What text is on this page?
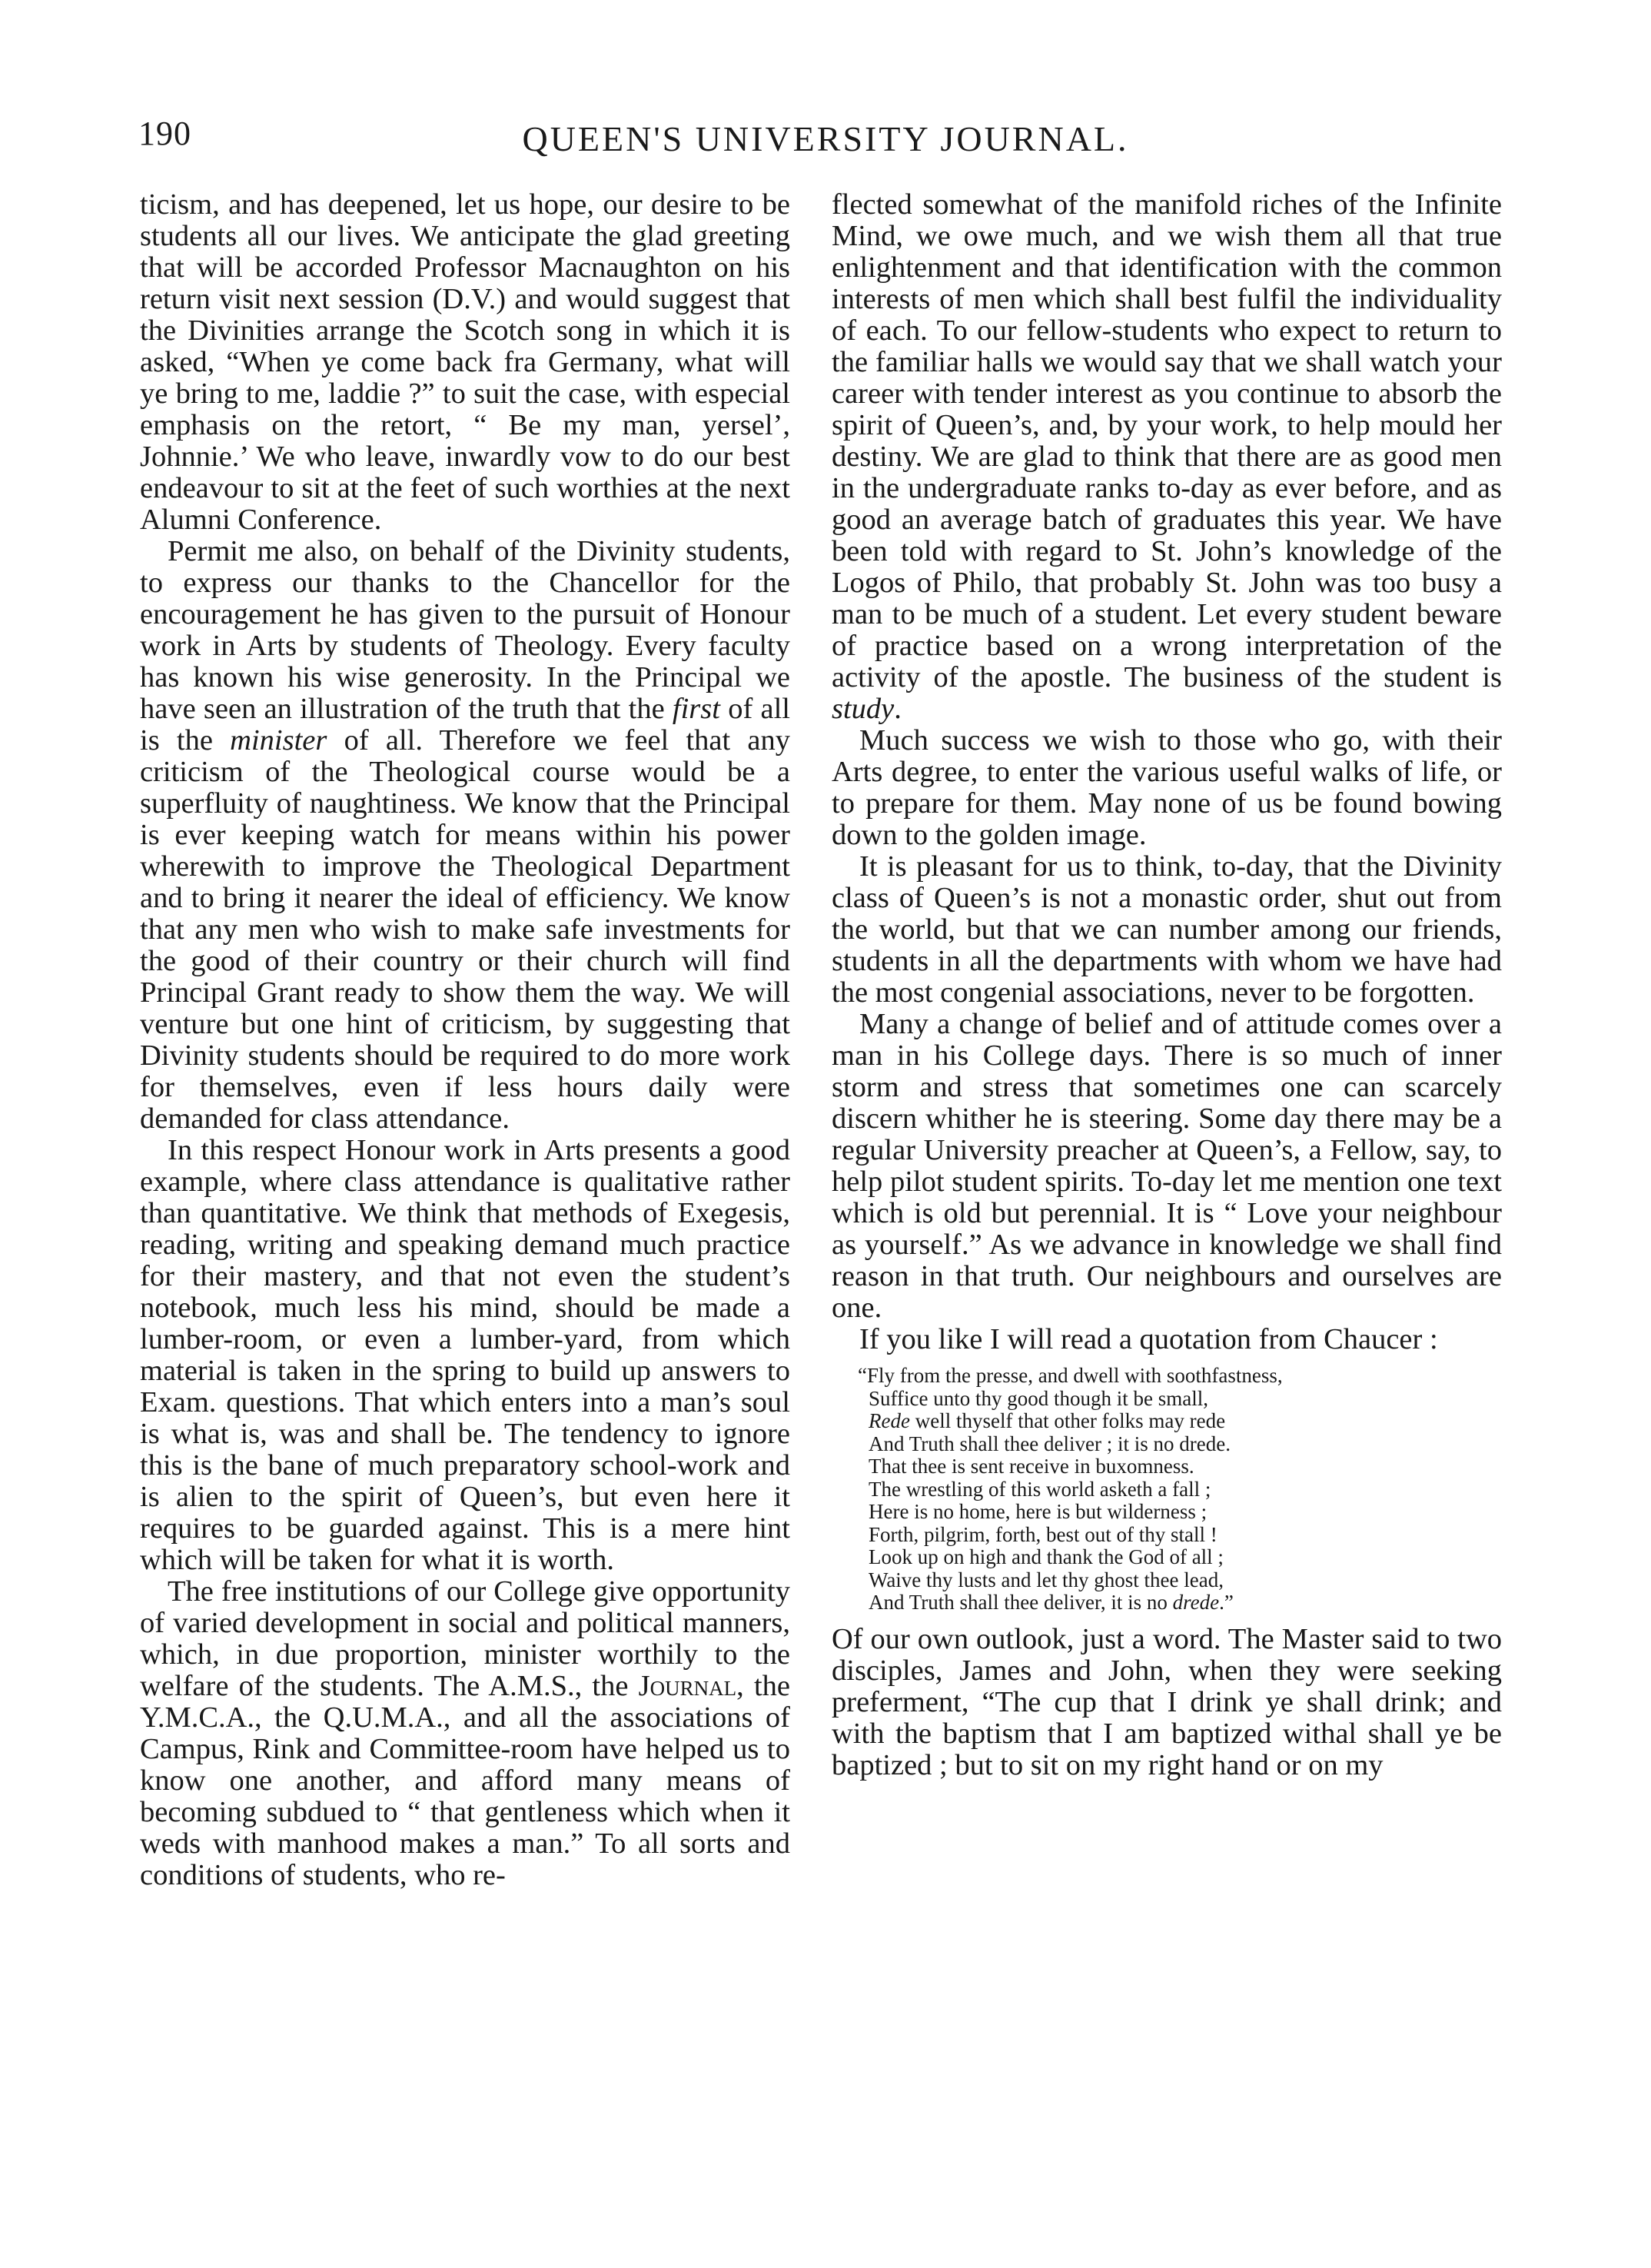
190	QUEEN'S UNIVERSITY JOURNAL.

ticism, and has deepened, let us hope, our desire to be students all our lives. We anticipate the glad greeting that will be accorded Professor Macnaughton on his return visit next session (D.V.) and would suggest that the Divinities arrange the Scotch song in which it is asked, “When ye come back fra Germany, what will ye bring to me, laddie ?” to suit the case, with especial emphasis on the retort, “ Be my man, yersel’, Johnnie.’ We who leave, inwardly vow to do our best endeavour to sit at the feet of such worthies at the next Alumni Conference.

Permit me also, on behalf of the Divinity students, to express our thanks to the Chancellor for the encouragement he has given to the pursuit of Honour work in Arts by students of Theology. Every faculty has known his wise generosity. In the Principal we have seen an illustration of the truth that the first of all is the minister of all. Therefore we feel that any criticism of the Theological course would be a superfluity of naughtiness. We know that the Principal is ever keeping watch for means within his power wherewith to improve the Theological Department and to bring it nearer the ideal of efficiency. We know that any men who wish to make safe investments for the good of their country or their church will find Principal Grant ready to show them the way. We will venture but one hint of criticism, by suggesting that Divinity students should be required to do more work for themselves, even if less hours daily were demanded for class attendance.

In this respect Honour work in Arts presents a good example, where class attendance is qualitative rather than quantitative. We think that methods of Exegesis, reading, writing and speaking demand much practice for their mastery, and that not even the student’s notebook, much less his mind, should be made a lumber-room, or even a lumber-yard, from which material is taken in the spring to build up answers to Exam. questions. That which enters into a man’s soul is what is, was and shall be. The tendency to ignore this is the bane of much preparatory school-work and is alien to the spirit of Queen’s, but even here it requires to be guarded against. This is a mere hint which will be taken for what it is worth.

The free institutions of our College give opportunity of varied development in social and political manners, which, in due proportion, minister worthily to the welfare of the students. The A.M.S., the Journal, the Y.M.C.A., the Q.U.M.A., and all the associations of Campus, Rink and Committee-room have helped us to know one another, and afford many means of becoming subdued to “ that gentleness which when it weds with manhood makes a man.” To all sorts and conditions of students, who re-

flected somewhat of the manifold riches of the Infinite Mind, we owe much, and we wish them all that true enlightenment and that identification with the common interests of men which shall best fulfil the individuality of each. To our fellow-students who expect to return to the familiar halls we would say that we shall watch your career with tender interest as you continue to absorb the spirit of Queen’s, and, by your work, to help mould her destiny. We are glad to think that there are as good men in the undergraduate ranks to-day as ever before, and as good an average batch of graduates this year. We have been told with regard to St. John’s knowledge of the Logos of Philo, that probably St. John was too busy a man to be much of a student. Let every student beware of practice based on a wrong interpretation of the activity of the apostle. The business of the student is study.

Much success we wish to those who go, with their Arts degree, to enter the various useful walks of life, or to prepare for them. May none of us be found bowing down to the golden image.

It is pleasant for us to think, to-day, that the Divinity class of Queen’s is not a monastic order, shut out from the world, but that we can number among our friends, students in all the departments with whom we have had the most congenial associations, never to be forgotten.

Many a change of belief and of attitude comes over a man in his College days. There is so much of inner storm and stress that sometimes one can scarcely discern whither he is steering. Some day there may be a regular University preacher at Queen’s, a Fellow, say, to help pilot student spirits. To-day let me mention one text which is old but perennial. It is “ Love your neighbour as yourself.” As we advance in knowledge we shall find reason in that truth. Our neighbours and ourselves are one.

If you like I will read a quotation from Chaucer :

“Fly from the presse, and dwell with soothfastness,
Suffice unto thy good though it be small,
Rede well thyself that other folks may rede
And Truth shall thee deliver ; it is no drede.
That thee is sent receive in buxomness.
The wrestling of this world asketh a fall ;
Here is no home, here is but wilderness ;
Forth, pilgrim, forth, best out of thy stall !
Look up on high and thank the God of all ;
Waive thy lusts and let thy ghost thee lead,
And Truth shall thee deliver, it is no drede.”

Of our own outlook, just a word. The Master said to two disciples, James and John, when they were seeking preferment, “The cup that I drink ye shall drink; and with the baptism that I am baptized withal shall ye be baptized ; but to sit on my right hand or on my
